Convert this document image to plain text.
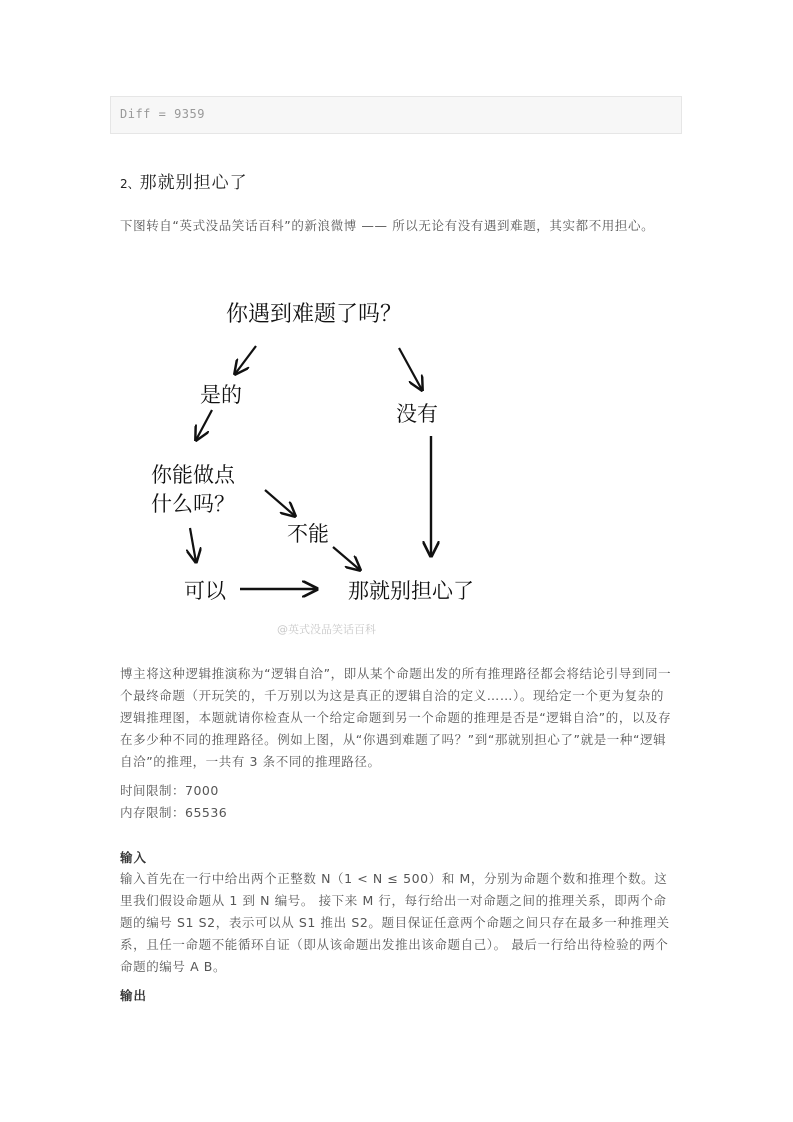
Diff = 9359
2、那就别担心了

下图转自“英式没品笑话百科”的新浪微博 —— 所以无论有没有遇到难题，其实都不用担心。

你遇到难题了吗？
是的
没有
你能做点
什么吗？
不能
可以	那就别担心了
@英式没品笑话百科

博主将这种逻辑推演称为“逻辑自洽”，即从某个命题出发的所有推理路径都会将结论引导到同一个最终命题（开玩笑的，千万别以为这是真正的逻辑自洽的定义……）。现给定一个更为复杂的逻辑推理图，本题就请你检查从一个给定命题到另一个命题的推理是否是“逻辑自洽”的，以及存在多少种不同的推理路径。例如上图，从“你遇到难题了吗？”到“那就别担心了”就是一种“逻辑自洽”的推理，一共有 3 条不同的推理路径。

时间限制：7000
内存限制：65536
输入

输入首先在一行中给出两个正整数 N（1 < N ≤ 500）和 M，分别为命题个数和推理个数。这里我们假设命题从 1 到 N 编号。 接下来 M 行，每行给出一对命题之间的推理关系，即两个命题的编号 S1 S2，表示可以从 S1 推出 S2。题目保证任意两个命题之间只存在最多一种推理关系，且任一命题不能循环自证（即从该命题出发推出该命题自己）。 最后一行给出待检验的两个命题的编号 A B。

输出
